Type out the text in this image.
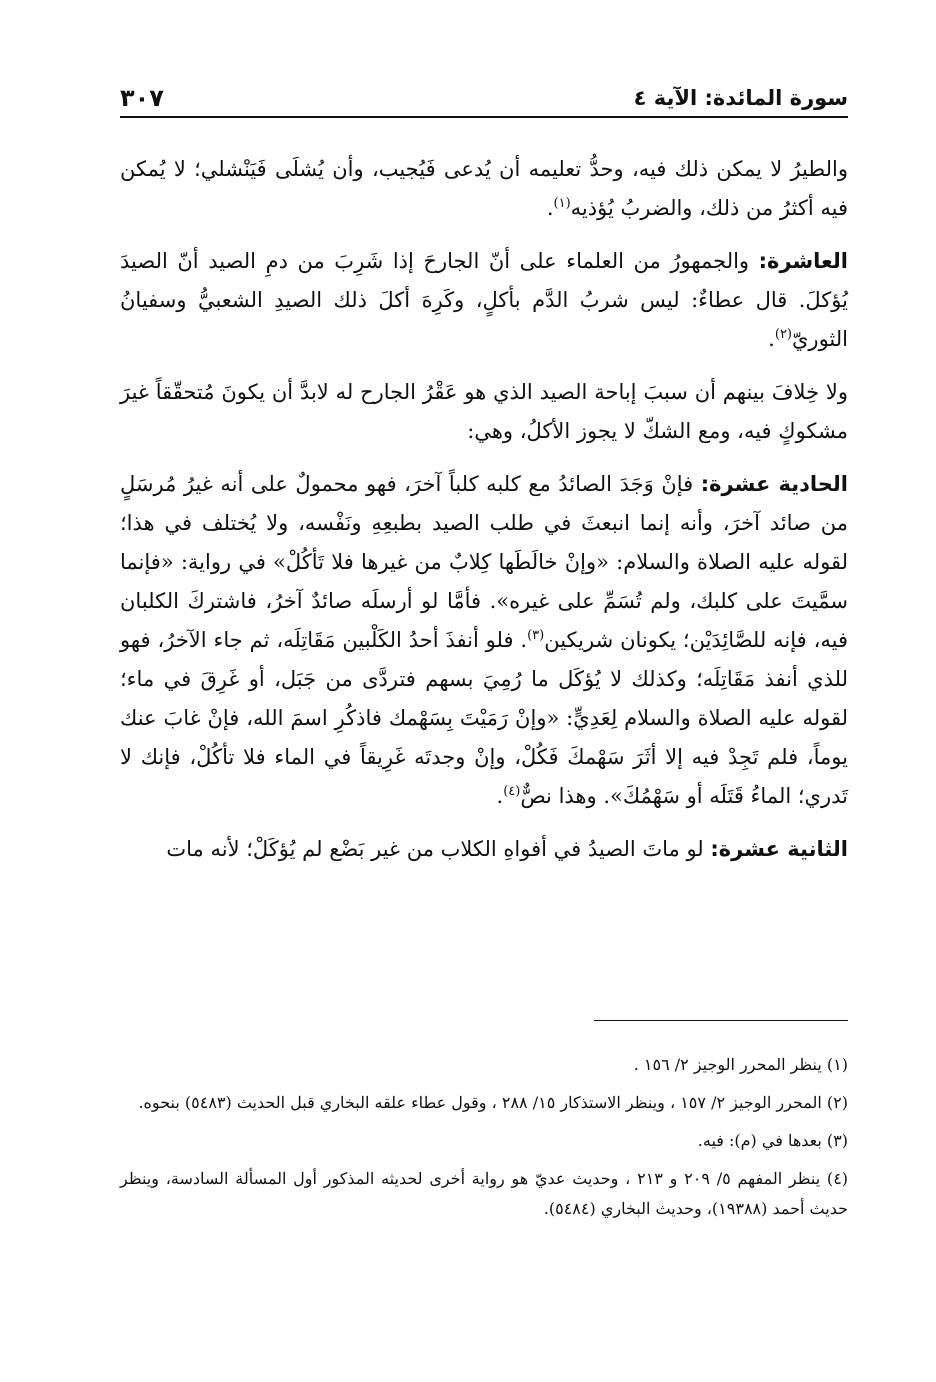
سورة المائدة: الآية ٤
٣٠٧

والطيرُ لا يمكن ذلك فيه، وحدُّ تعليمه أن يُدعى فَيُجيب، وأن يُشلَى فَيَنْشلي؛ لا يُمكن فيه أكثرُ من ذلك، والضربُ يُؤذيه$^{(١)}$.

العاشرة: والجمهورُ من العلماء على أنّ الجارحَ إذا شَرِبَ من دمِ الصيد أنّ الصيدَ يُؤكلَ. قال عطاءٌ: ليس شربُ الدَّم بأكلٍ، وكَرِهَ أكلَ ذلك الصيدِ الشعبيُّ وسفيانُ الثوريّ$^{(٢)}$.

ولا خِلافَ بينهم أن سببَ إباحة الصيد الذي هو عَقْرُ الجارح له لابدَّ أن يكونَ مُتحقّقاً غيرَ مشكوكٍ فيه، ومع الشكّ لا يجوز الأكلُ، وهي:

الحادية عشرة: فإنْ وَجَدَ الصائدُ مع كلبه كلباً آخرَ، فهو محمولٌ على أنه غيرُ مُرسَلٍ من صائد آخرَ، وأنه إنما انبعثَ في طلب الصيد بطبعِهِ ونَفْسه، ولا يُختلف في هذا؛ لقوله عليه الصلاة والسلام: «وإنْ خالَطَها كِلابٌ من غيرها فلا تَأكُلْ» في رواية: «فإنما سمَّيتَ على كلبك، ولم تُسَمِّ على غيره». فأمَّا لو أرسلَه صائدٌ آخرُ، فاشتركَ الكلبان فيه، فإنه للصَّائِدَيْن؛ يكونان شريكين$^{(٣)}$. فلو أنفذَ أحدُ الكَلْبين مَقَاتِلَه، ثم جاء الآخرُ، فهو للذي أنفذ مَقَاتِلَه؛ وكذلك لا يُؤكَل ما رُمِيَ بسهم فتردَّى من جَبَل، أو غَرِقَ في ماء؛ لقوله عليه الصلاة والسلام لِعَدِيٍّ: «وإنْ رَمَيْتَ بِسَهْمك فاذكُرِ اسمَ الله، فإنْ غابَ عنك يوماً، فلم تَجِدْ فيه إلا أثَرَ سَهْمكَ فَكُلْ، وإنْ وجدتَه غَرِيقاً في الماء فلا تأكُلْ، فإنك لا تَدري؛ الماءُ قَتَلَه أو سَهْمُكَ». وهذا نصٌّ$^{(٤)}$.

الثانية عشرة: لو ماتَ الصيدُ في أفواهِ الكلاب من غير بَضْع لم يُؤكَلْ؛ لأنه مات

(١) ينظر المحرر الوجيز ٢/ ١٥٦ .

(٢) المحرر الوجيز ٢/ ١٥٧ ، وينظر الاستذكار ١٥/ ٢٨٨ ، وقول عطاء علقه البخاري قبل الحديث (٥٤٨٣) بنحوه.

(٣) بعدها في (م): فيه.

(٤) ينظر المفهم ٥/ ٢٠٩ و ٢١٣ ، وحديث عديّ هو رواية أخرى لحديثه المذكور أول المسألة السادسة، وينظر حديث أحمد (١٩٣٨٨)، وحديث البخاري (٥٤٨٤).
